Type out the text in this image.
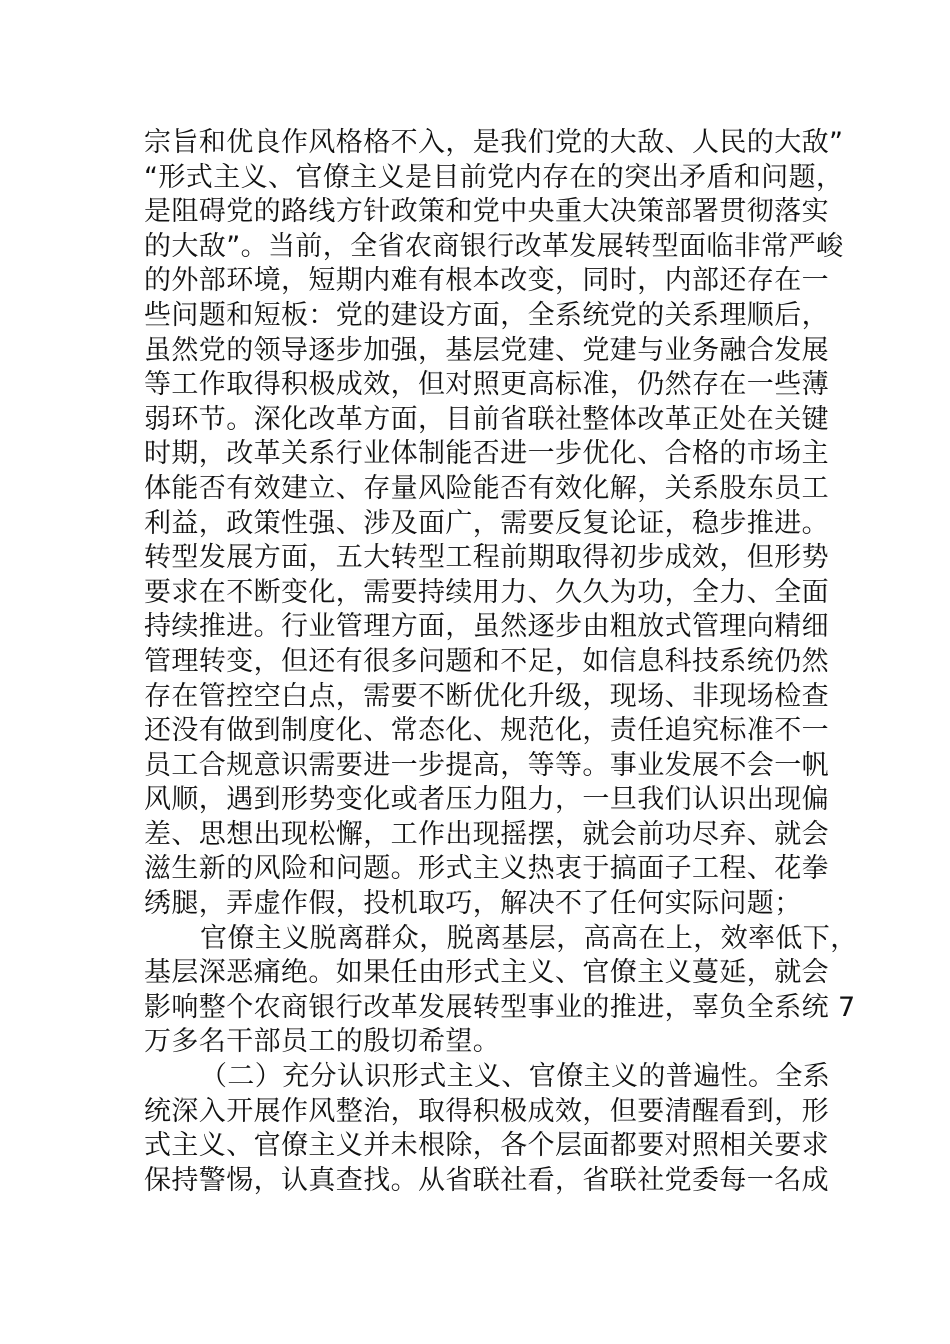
宗旨和优良作风格格不入，是我们党的大敌、人民的大敌”
“形式主义、官僚主义是目前党内存在的突出矛盾和问题，
是阻碍党的路线方针政策和党中央重大决策部署贯彻落实
的大敌”。当前，全省农商银行改革发展转型面临非常严峻
的外部环境，短期内难有根本改变，同时，内部还存在一
些问题和短板：党的建设方面，全系统党的关系理顺后，
虽然党的领导逐步加强，基层党建、党建与业务融合发展
等工作取得积极成效，但对照更高标准，仍然存在一些薄
弱环节。深化改革方面，目前省联社整体改革正处在关键
时期，改革关系行业体制能否进一步优化、合格的市场主
体能否有效建立、存量风险能否有效化解，关系股东员工
利益，政策性强、涉及面广，需要反复论证，稳步推进。
转型发展方面，五大转型工程前期取得初步成效，但形势
要求在不断变化，需要持续用力、久久为功，全力、全面
持续推进。行业管理方面，虽然逐步由粗放式管理向精细
管理转变，但还有很多问题和不足，如信息科技系统仍然
存在管控空白点，需要不断优化升级，现场、非现场检查
还没有做到制度化、常态化、规范化，责任追究标准不一
员工合规意识需要进一步提高，等等。事业发展不会一帆
风顺，遇到形势变化或者压力阻力，一旦我们认识出现偏
差、思想出现松懈，工作出现摇摆，就会前功尽弃、就会
滋生新的风险和问题。形式主义热衷于搞面子工程、花拳
绣腿，弄虚作假，投机取巧，解决不了任何实际问题；
官僚主义脱离群众，脱离基层，高高在上，效率低下，
基层深恶痛绝。如果任由形式主义、官僚主义蔓延，就会
影响整个农商银行改革发展转型事业的推进，辜负全系统 7
万多名干部员工的殷切希望。
（二）充分认识形式主义、官僚主义的普遍性。全系
统深入开展作风整治，取得积极成效，但要清醒看到，形
式主义、官僚主义并未根除，各个层面都要对照相关要求
保持警惕，认真查找。从省联社看，省联社党委每一名成
